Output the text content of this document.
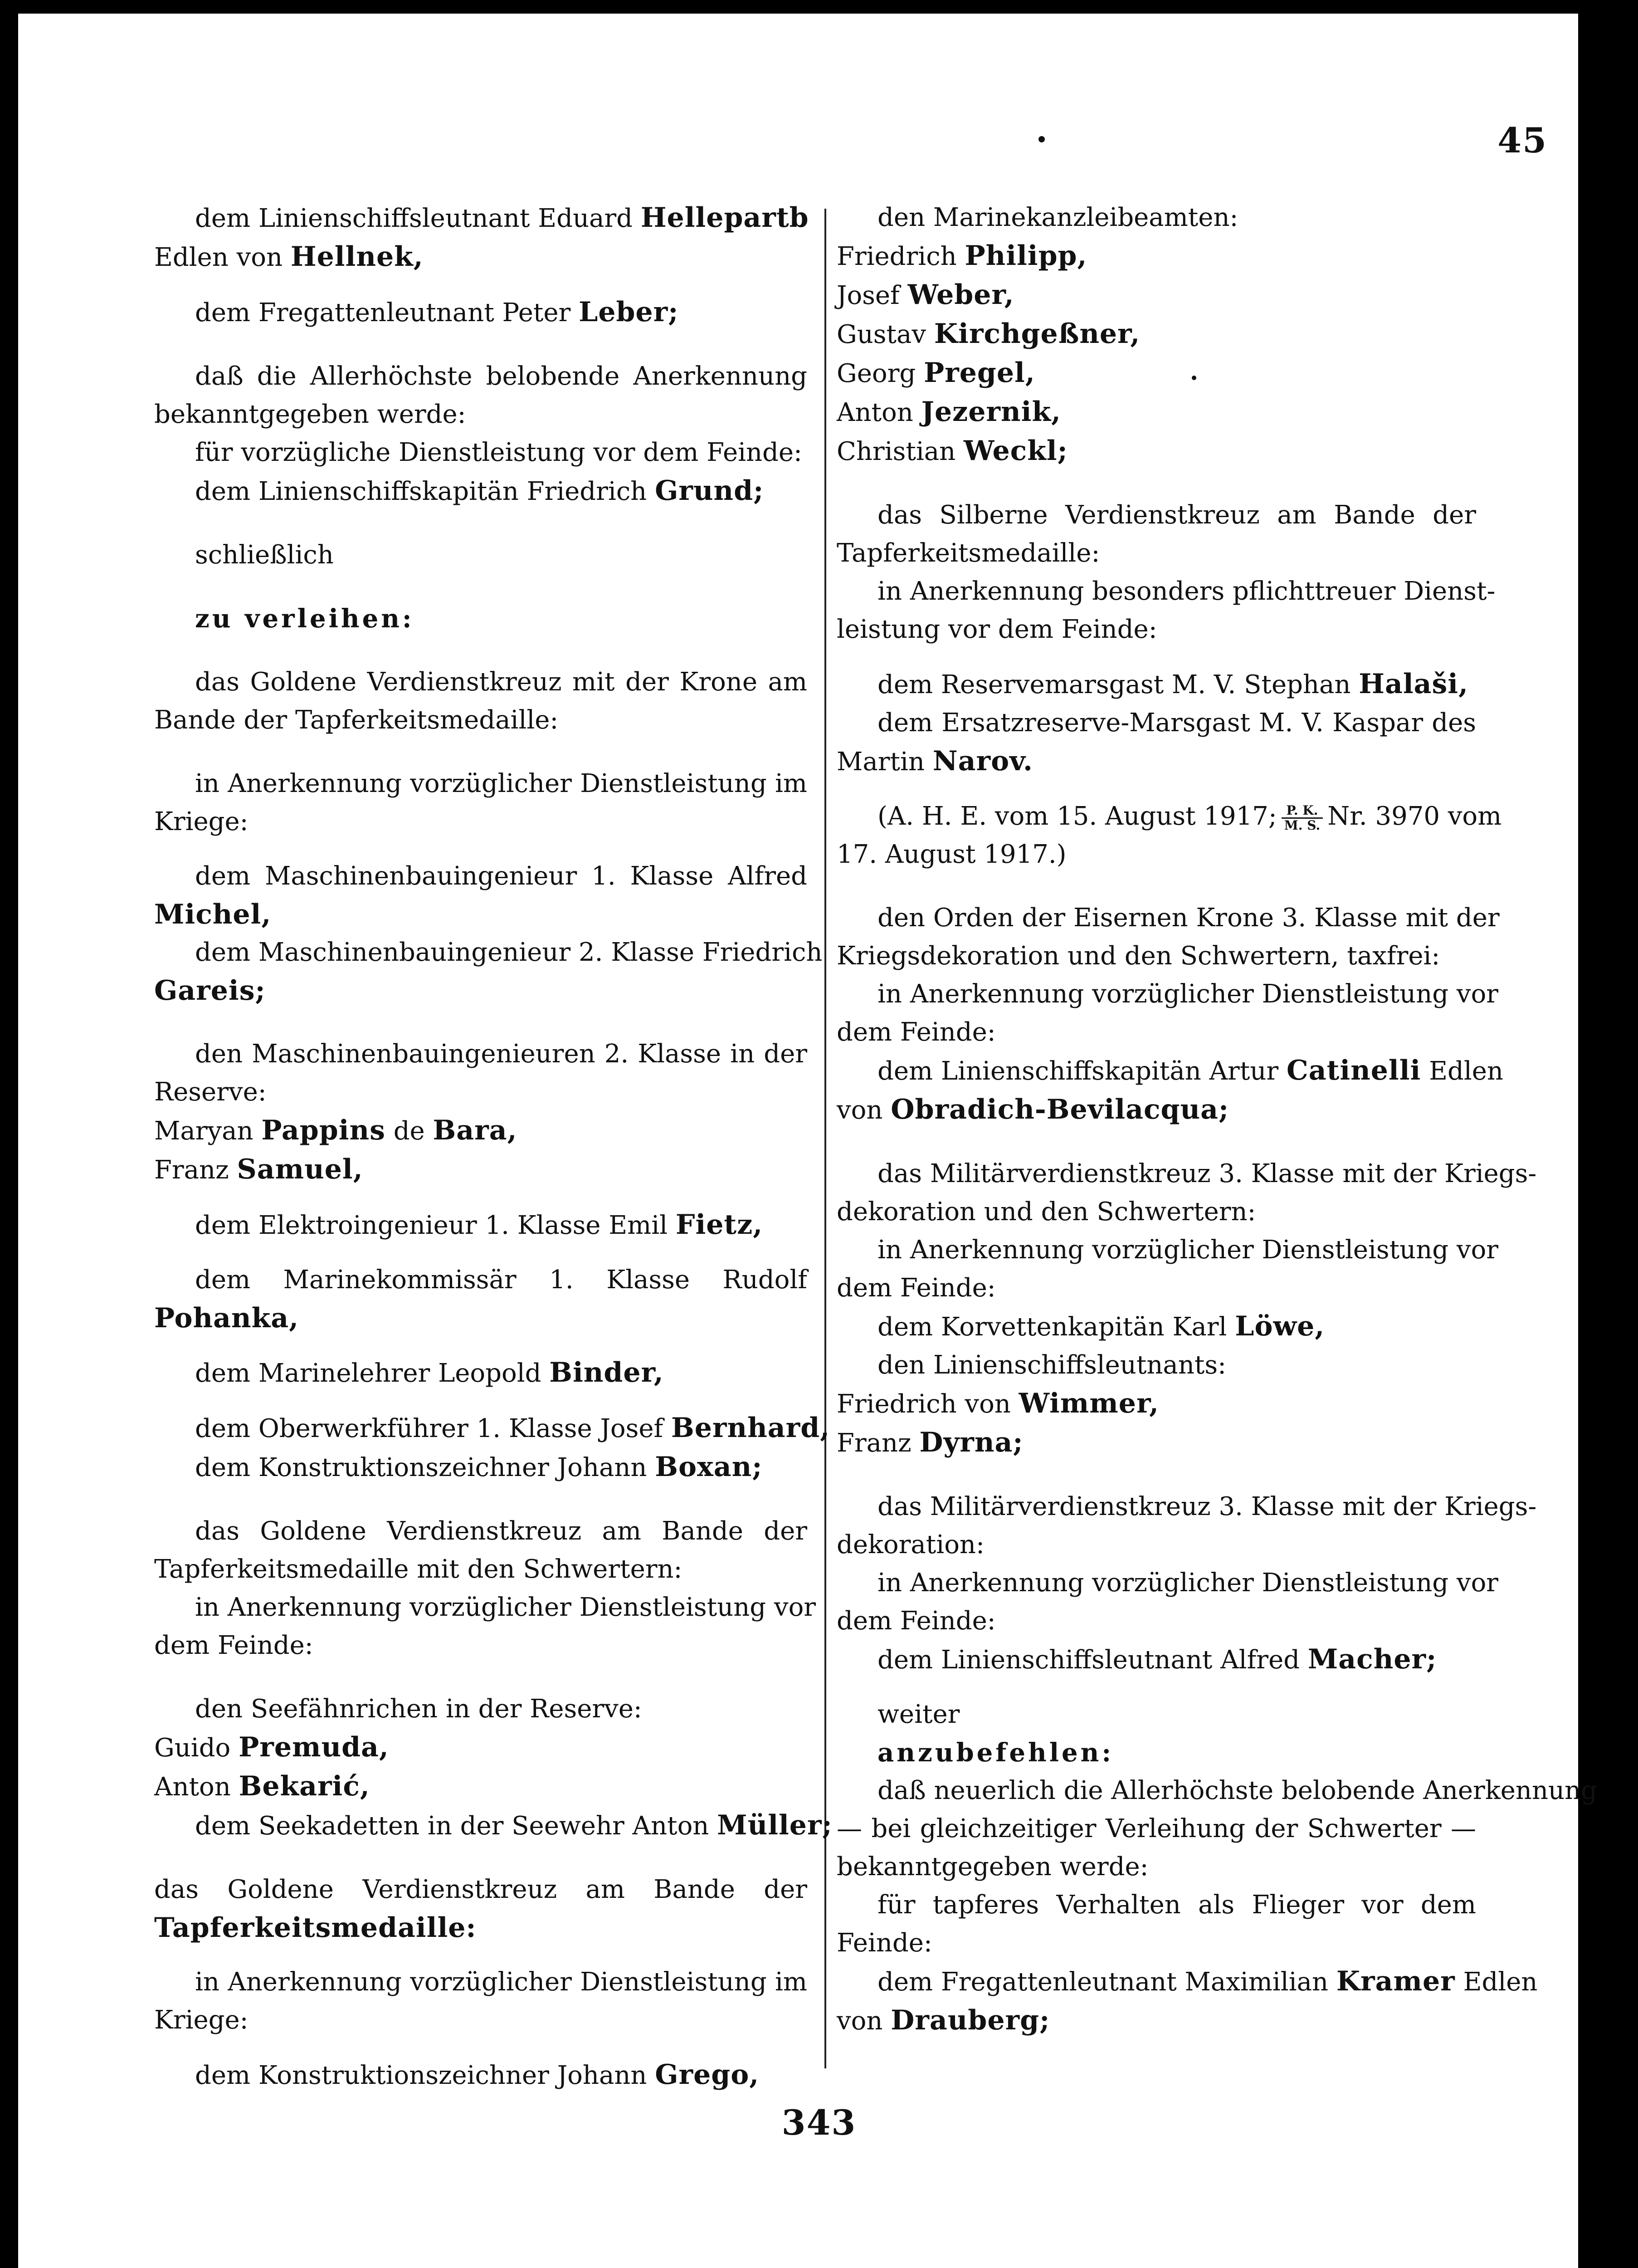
45
dem Linienschiffsleutnant Eduard Hellepartb
Edlen von Hellnek,
dem Fregattenleutnant Peter Leber;
daß die Allerhöchste belobende Anerkennung
bekanntgegeben werde:
für vorzügliche Dienstleistung vor dem Feinde:
dem Linienschiffskapitän Friedrich Grund;
schließlich
zu verleihen:
das Goldene Verdienstkreuz mit der Krone am
Bande der Tapferkeitsmedaille:
in Anerkennung vorzüglicher Dienstleistung im
Kriege:
dem Maschinenbauingenieur 1. Klasse Alfred
Michel,
dem Maschinenbauingenieur 2. Klasse Friedrich
Gareis;
den Maschinenbauingenieuren 2. Klasse in der
Reserve:
Maryan Pappins de Bara,
Franz Samuel,
dem Elektroingenieur 1. Klasse Emil Fietz,
dem Marinekommissär 1. Klasse Rudolf
Pohanka,
dem Marinelehrer Leopold Binder,
dem Oberwerkführer 1. Klasse Josef Bernhard,
dem Konstruktionszeichner Johann Boxan;
das Goldene Verdienstkreuz am Bande der
Tapferkeitsmedaille mit den Schwertern:
in Anerkennung vorzüglicher Dienstleistung vor
dem Feinde:
den Seefähnrichen in der Reserve:
Guido Premuda,
Anton Bekarić,
dem Seekadetten in der Seewehr Anton Müller;
das Goldene Verdienstkreuz am Bande der
Tapferkeitsmedaille:
in Anerkennung vorzüglicher Dienstleistung im
Kriege:
dem Konstruktionszeichner Johann Grego,
den Marinekanzleibeamten:
Friedrich Philipp,
Josef Weber,
Gustav Kirchgeßner,
Georg Pregel,
Anton Jezernik,
Christian Weckl;
das Silberne Verdienstkreuz am Bande der
Tapferkeitsmedaille:
in Anerkennung besonders pflichttreuer Dienst-
leistung vor dem Feinde:
dem Reservemarsgast M. V. Stephan Halaši,
dem Ersatzreserve-Marsgast M. V. Kaspar des
Martin Narov.
(A. H. E. vom 15. August 1917; $\frac{P. K.}{M. S.} Nr$. 3970 vom
17. August 1917.)
den Orden der Eisernen Krone 3. Klasse mit der
Kriegsdekoration und den Schwertern, taxfrei:
in Anerkennung vorzüglicher Dienstleistung vor
dem Feinde:
dem Linienschiffskapitän Artur Catinelli Edlen
von Obradich-Bevilacqua;
das Militärverdienstkreuz 3. Klasse mit der Kriegs-
dekoration und den Schwertern:
in Anerkennung vorzüglicher Dienstleistung vor
dem Feinde:
dem Korvettenkapitän Karl Löwe,
den Linienschiffsleutnants:
Friedrich von Wimmer,
Franz Dyrna;
das Militärverdienstkreuz 3. Klasse mit der Kriegs-
dekoration:
in Anerkennung vorzüglicher Dienstleistung vor
dem Feinde:
dem Linienschiffsleutnant Alfred Macher;
weiter
anzubefehlen:
daß neuerlich die Allerhöchste belobende Anerkennung
— bei gleichzeitiger Verleihung der Schwerter —
bekanntgegeben werde:
für tapferes Verhalten als Flieger vor dem
Feinde:
dem Fregattenleutnant Maximilian Kramer Edlen
von Drauberg;
343
